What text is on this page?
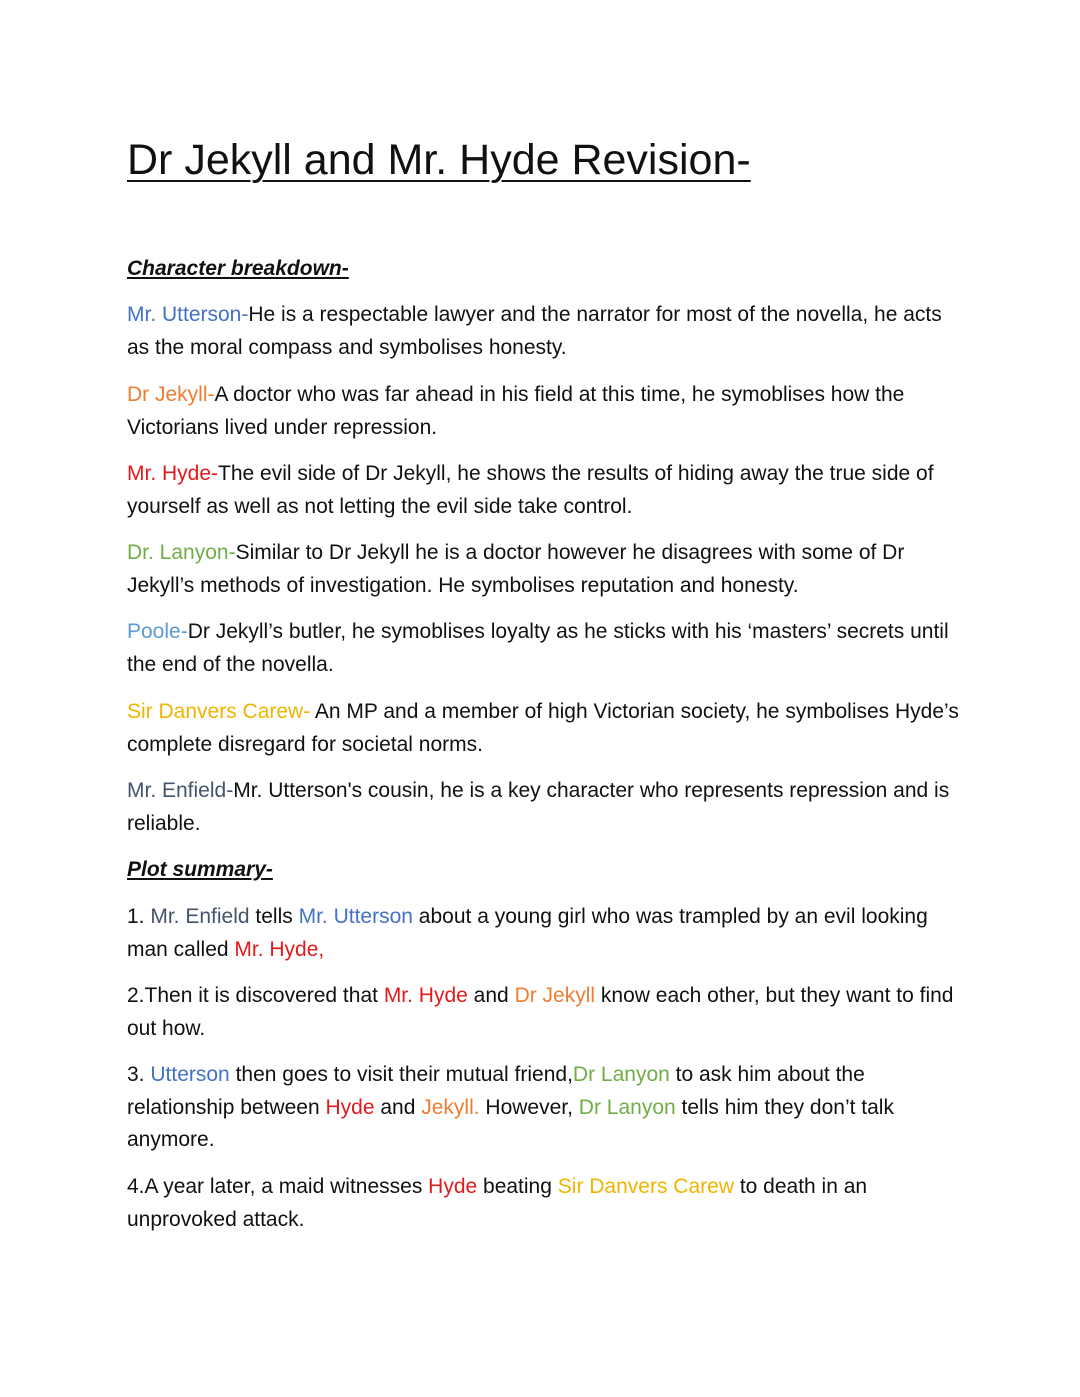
Dr Jekyll and Mr. Hyde Revision-
Character breakdown-

Mr. Utterson-He is a respectable lawyer and the narrator for most of the novella, he acts as the moral compass and symbolises honesty.

Dr Jekyll-A doctor who was far ahead in his field at this time, he symoblises how the Victorians lived under repression.

Mr. Hyde-The evil side of Dr Jekyll, he shows the results of hiding away the true side of yourself as well as not letting the evil side take control.

Dr. Lanyon-Similar to Dr Jekyll he is a doctor however he disagrees with some of Dr Jekyll’s methods of investigation. He symbolises reputation and honesty.

Poole-Dr Jekyll’s butler, he symoblises loyalty as he sticks with his ‘masters’ secrets until the end of the novella.

Sir Danvers Carew- An MP and a member of high Victorian society, he symbolises Hyde’s complete disregard for societal norms.

Mr. Enfield-Mr. Utterson's cousin, he is a key character who represents repression and is reliable.

Plot summary-

1. Mr. Enfield tells Mr. Utterson about a young girl who was trampled by an evil looking man called Mr. Hyde,

2.Then it is discovered that Mr. Hyde and Dr Jekyll know each other, but they want to find out how.

3. Utterson then goes to visit their mutual friend,Dr Lanyon to ask him about the relationship between Hyde and Jekyll. However, Dr Lanyon tells him they don’t talk anymore.

4.A year later, a maid witnesses Hyde beating Sir Danvers Carew to death in an unprovoked attack.
